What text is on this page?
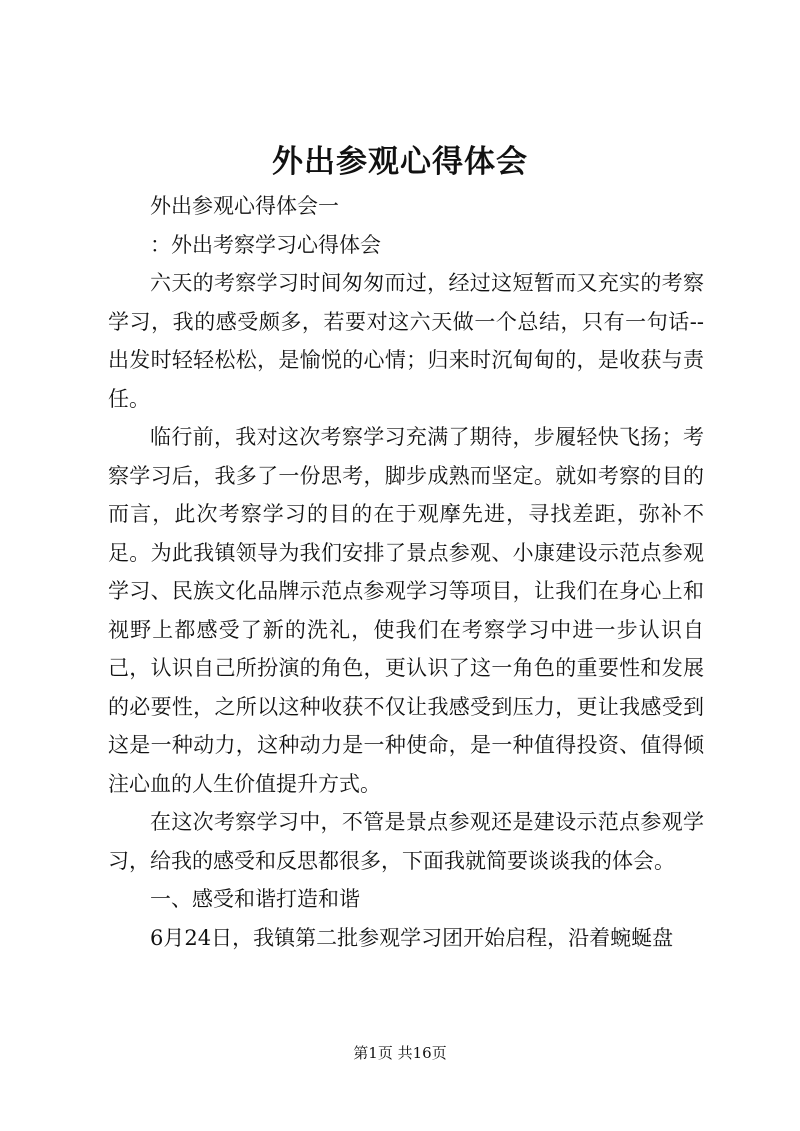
外出参观心得体会

外出参观心得体会一

：外出考察学习心得体会

六天的考察学习时间匆匆而过，经过这短暂而又充实的考察学习，我的感受颇多，若要对这六天做一个总结，只有一句话--出发时轻轻松松，是愉悦的心情；归来时沉甸甸的，是收获与责任。

临行前，我对这次考察学习充满了期待，步履轻快飞扬；考察学习后，我多了一份思考，脚步成熟而坚定。就如考察的目的而言，此次考察学习的目的在于观摩先进，寻找差距，弥补不足。为此我镇领导为我们安排了景点参观、小康建设示范点参观学习、民族文化品牌示范点参观学习等项目，让我们在身心上和视野上都感受了新的洗礼，使我们在考察学习中进一步认识自己，认识自己所扮演的角色，更认识了这一角色的重要性和发展的必要性，之所以这种收获不仅让我感受到压力，更让我感受到这是一种动力，这种动力是一种使命，是一种值得投资、值得倾注心血的人生价值提升方式。

在这次考察学习中，不管是景点参观还是建设示范点参观学习，给我的感受和反思都很多，下面我就简要谈谈我的体会。

一、感受和谐打造和谐

6月24日，我镇第二批参观学习团开始启程，沿着蜿蜒盘

第1页 共16页
